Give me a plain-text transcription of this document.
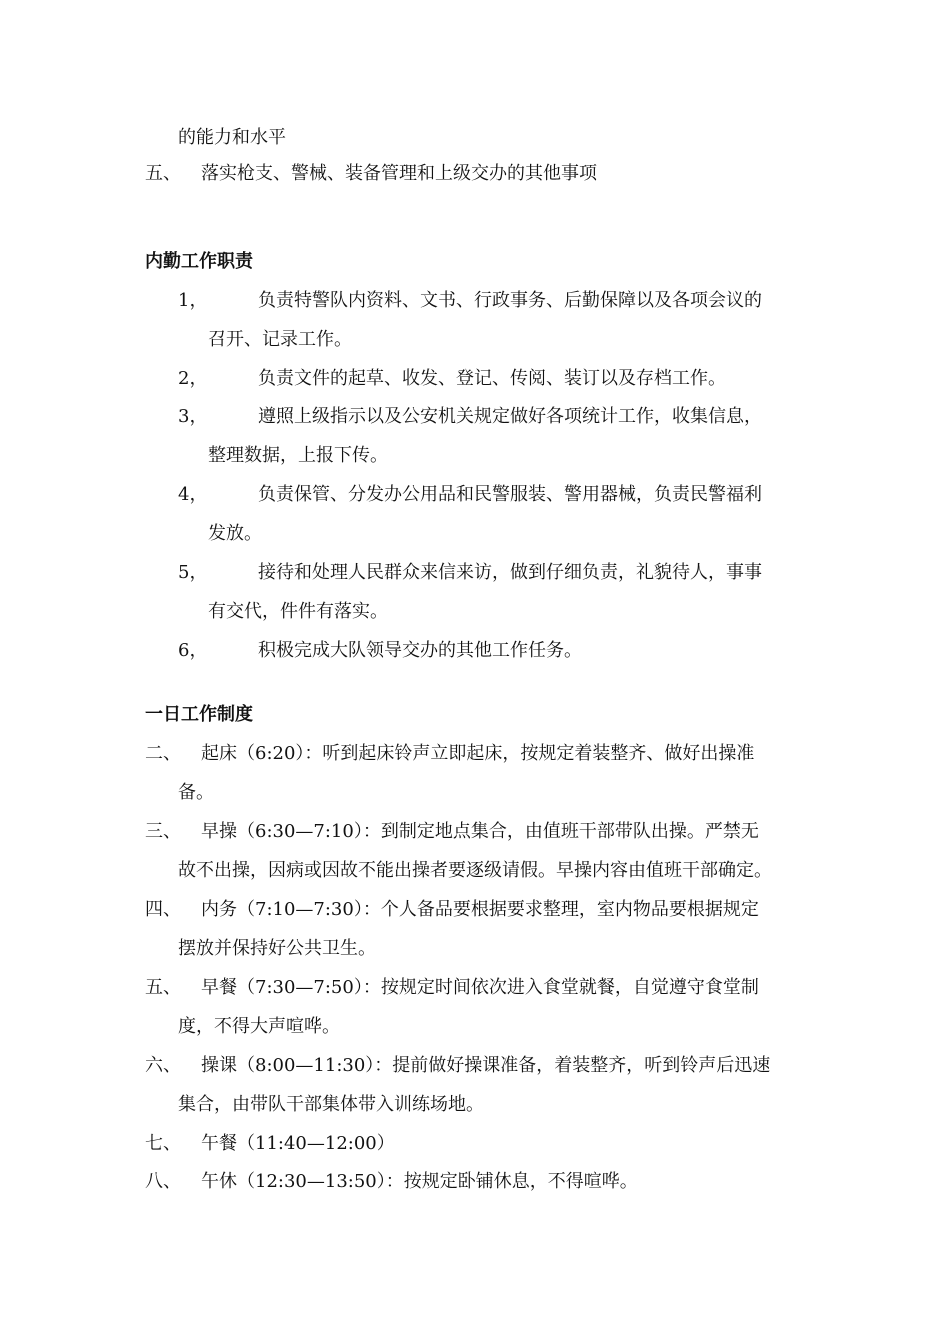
的能力和水平
五、 落实枪支、警械、装备管理和上级交办的其他事项
内勤工作职责
1，	负责特警队内资料、文书、行政事务、后勤保障以及各项会议的
召开、记录工作。
2，	负责文件的起草、收发、登记、传阅、装订以及存档工作。
3，	遵照上级指示以及公安机关规定做好各项统计工作，收集信息，
整理数据，上报下传。
4，	负责保管、分发办公用品和民警服装、警用器械，负责民警福利
发放。
5，	接待和处理人民群众来信来访，做到仔细负责，礼貌待人，事事
有交代，件件有落实。
6，	积极完成大队领导交办的其他工作任务。
一日工作制度
二、 起床（6:20）：听到起床铃声立即起床，按规定着装整齐、做好出操准
备。
三、 早操（6:30—7:10）：到制定地点集合，由值班干部带队出操。严禁无
故不出操，因病或因故不能出操者要逐级请假。早操内容由值班干部确定。
四、 内务（7:10—7:30）：个人备品要根据要求整理，室内物品要根据规定
摆放并保持好公共卫生。
五、 早餐（7:30—7:50）：按规定时间依次进入食堂就餐，自觉遵守食堂制
度，不得大声喧哗。
六、 操课（8:00—11:30）：提前做好操课准备，着装整齐，听到铃声后迅速
集合，由带队干部集体带入训练场地。
七、 午餐（11:40—12:00）
八、 午休（12:30—13:50）：按规定卧铺休息，不得喧哗。
